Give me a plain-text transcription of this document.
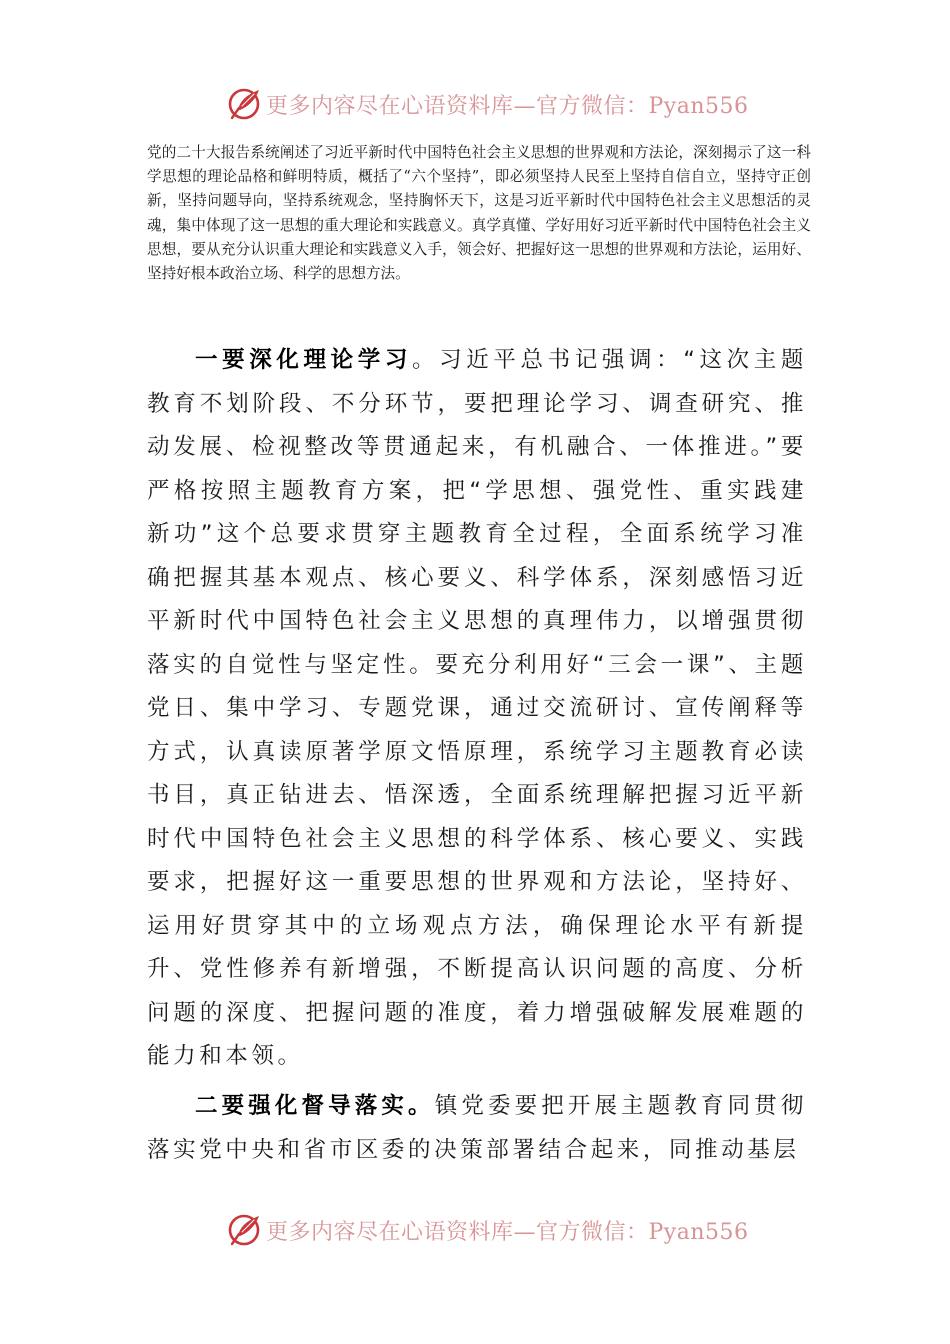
更多内容尽在心语资料库—官方微信：Pyan556

党的二十大报告系统阐述了习近平新时代中国特色社会主义思想的世界观和方法论，深刻揭示了这一科学思想的理论品格和鲜明特质，概括了“六个坚持”，即必须坚持人民至上坚持自信自立，坚持守正创新，坚持问题导向，坚持系统观念，坚持胸怀天下，这是习近平新时代中国特色社会主义思想活的灵魂，集中体现了这一思想的重大理论和实践意义。真学真懂、学好用好习近平新时代中国特色社会主义思想，要从充分认识重大理论和实践意义入手，领会好、把握好这一思想的世界观和方法论，运用好、坚持好根本政治立场、科学的思想方法。

一要深化理论学习。习近平总书记强调：“这次主题教育不划阶段、不分环节，要把理论学习、调查研究、推动发展、检视整改等贯通起来，有机融合、一体推进。”要严格按照主题教育方案，把“学思想、强党性、重实践建新功”这个总要求贯穿主题教育全过程，全面系统学习准确把握其基本观点、核心要义、科学体系，深刻感悟习近平新时代中国特色社会主义思想的真理伟力，以增强贯彻落实的自觉性与坚定性。要充分利用好“三会一课”、主题党日、集中学习、专题党课，通过交流研讨、宣传阐释等方式，认真读原著学原文悟原理，系统学习主题教育必读书目，真正钻进去、悟深透，全面系统理解把握习近平新时代中国特色社会主义思想的科学体系、核心要义、实践要求，把握好这一重要思想的世界观和方法论，坚持好、运用好贯穿其中的立场观点方法，确保理论水平有新提升、党性修养有新增强，不断提高认识问题的高度、分析问题的深度、把握问题的准度，着力增强破解发展难题的能力和本领。

二要强化督导落实。镇党委要把开展主题教育同贯彻落实党中央和省市区委的决策部署结合起来，同推动基层

更多内容尽在心语资料库—官方微信：Pyan556
